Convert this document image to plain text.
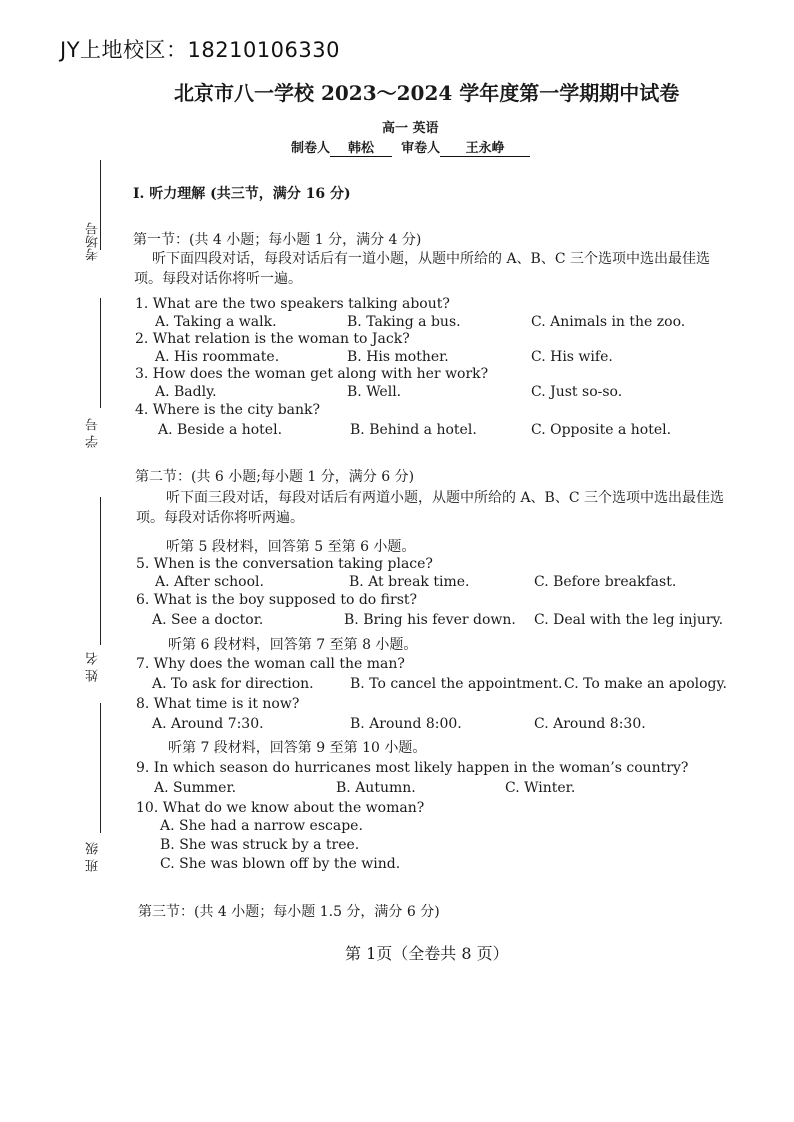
JY上地校区：18210106330
北京市八一学校 2023～2024 学年度第一学期期中试卷
高一 英语
制卷人 韩松 审卷人 王永峥
考场号
学 号
姓 名
班 级
I. 听力理解 (共三节，满分 16 分)
第一节：(共 4 小题；每小题 1 分，满分 4 分)
听下面四段对话，每段对话后有一道小题，从题中所给的 A、B、C 三个选项中选出最佳选项。每段对话你将听一遍。
1. What are the two speakers talking about?
A. Taking a walk.	B. Taking a bus.	C. Animals in the zoo.
2. What relation is the woman to Jack?
A. His roommate.	B. His mother.	C. His wife.
3. How does the woman get along with her work?
A. Badly.	B. Well.	C. Just so-so.
4. Where is the city bank?
A. Beside a hotel.	B. Behind a hotel.	C. Opposite a hotel.
第二节：(共 6 小题;每小题 1 分，满分 6 分)
听下面三段对话，每段对话后有两道小题，从题中所给的 A、B、C 三个选项中选出最佳选项。每段对话你将听两遍。
听第 5 段材料，回答第 5 至第 6 小题。
5. When is the conversation taking place?
A. After school.	B. At break time.	C. Before breakfast.
6. What is the boy supposed to do first?
A. See a doctor.	B. Bring his fever down. C. Deal with the leg injury.
听第 6 段材料，回答第 7 至第 8 小题。
7. Why does the woman call the man?
A. To ask for direction.	B. To cancel the appointment. C. To make an apology.
8. What time is it now?
A. Around 7:30.	B. Around 8:00.	C. Around 8:30.
听第 7 段材料，回答第 9 至第 10 小题。
9. In which season do hurricanes most likely happen in the woman’s country?
A. Summer.	B. Autumn.	C. Winter.
10. What do we know about the woman?
A. She had a narrow escape.
B. She was struck by a tree.
C. She was blown off by the wind.
第三节：(共 4 小题；每小题 1.5 分，满分 6 分)
第 1页（全卷共 8 页）
